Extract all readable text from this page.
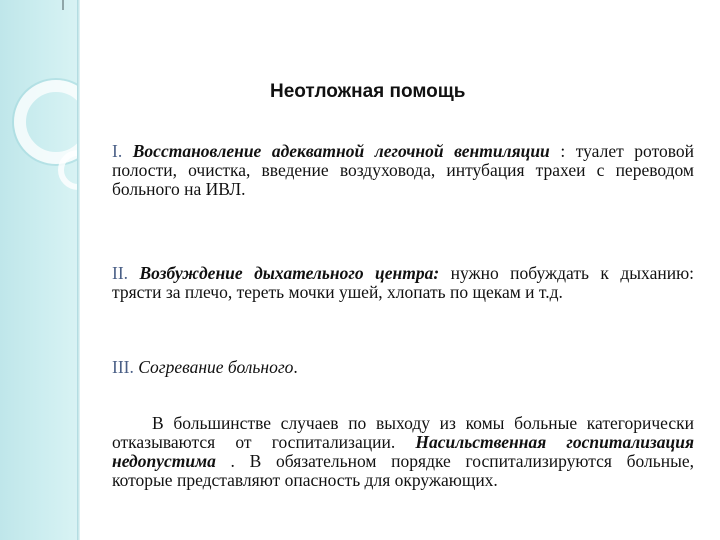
Неотложная помощь
I. Восстановление адекватной легочной вентиляции : туалет ротовой полости, очистка, введение воздуховода, интубация трахеи с переводом больного на ИВЛ.
II. Возбуждение дыхательного центра: нужно побуждать к дыханию: трясти за плечо, тереть мочки ушей, хлопать по щекам и т.д.
III. Согревание больного.
В большинстве случаев по выходу из комы больные категорически отказываются от госпитализации. Насильственная госпитализация недопустима . В обязательном порядке госпитализируются больные, которые представляют опасность для окружающих.
